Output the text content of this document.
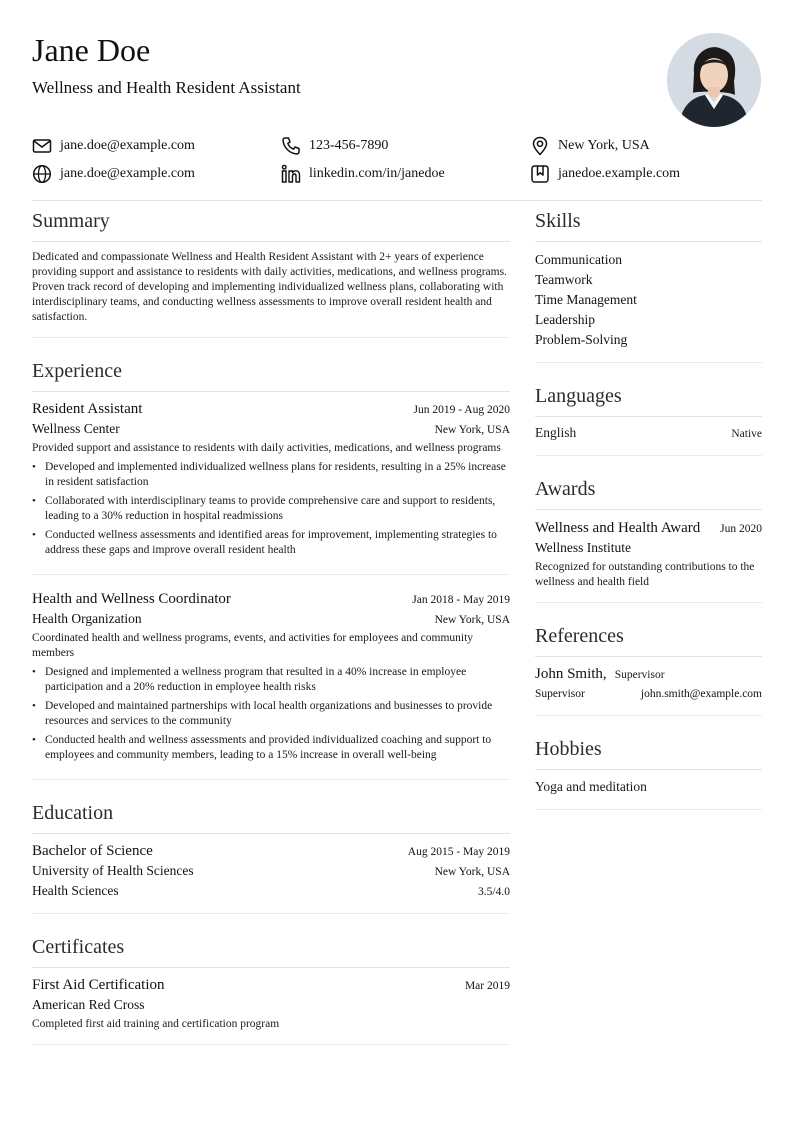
Jane Doe
Wellness and Health Resident Assistant
jane.doe@example.com	123-456-7890	New York, USA
jane.doe@example.com	linkedin.com/in/janedoe	janedoe.example.com
Summary

Dedicated and compassionate Wellness and Health Resident Assistant with 2+ years of experience providing support and assistance to residents with daily activities, medications, and wellness programs. Proven track record of developing and implementing individualized wellness plans, collaborating with interdisciplinary teams, and conducting wellness assessments to improve overall resident health and satisfaction.

Experience
Resident Assistant	Jun 2019 - Aug 2020
Wellness Center	New York, USA

Provided support and assistance to residents with daily activities, medications, and wellness programs

• Developed and implemented individualized wellness plans for residents, resulting in a 25% increase in resident satisfaction
• Collaborated with interdisciplinary teams to provide comprehensive care and support to residents, leading to a 30% reduction in hospital readmissions
• Conducted wellness assessments and identified areas for improvement, implementing strategies to address these gaps and improve overall resident health
Health and Wellness Coordinator	Jan 2018 - May 2019
Health Organization	New York, USA

Coordinated health and wellness programs, events, and activities for employees and community members

• Designed and implemented a wellness program that resulted in a 40% increase in employee participation and a 20% reduction in employee health risks
• Developed and maintained partnerships with local health organizations and businesses to provide resources and services to the community
• Conducted health and wellness assessments and provided individualized coaching and support to employees and community members, leading to a 15% increase in overall well-being
Education
Bachelor of Science	Aug 2015 - May 2019
University of Health Sciences	New York, USA
Health Sciences	3.5/4.0
Certificates
First Aid Certification	Mar 2019
American Red Cross

Completed first aid training and certification program

Skills
Communication
Teamwork
Time Management
Leadership
Problem-Solving
Languages
English	Native
Awards
Wellness and Health Award Jun 2020
Wellness Institute

Recognized for outstanding contributions to the wellness and health field

References
John Smith, Supervisor
Supervisor	john.smith@example.com
Hobbies
Yoga and meditation
